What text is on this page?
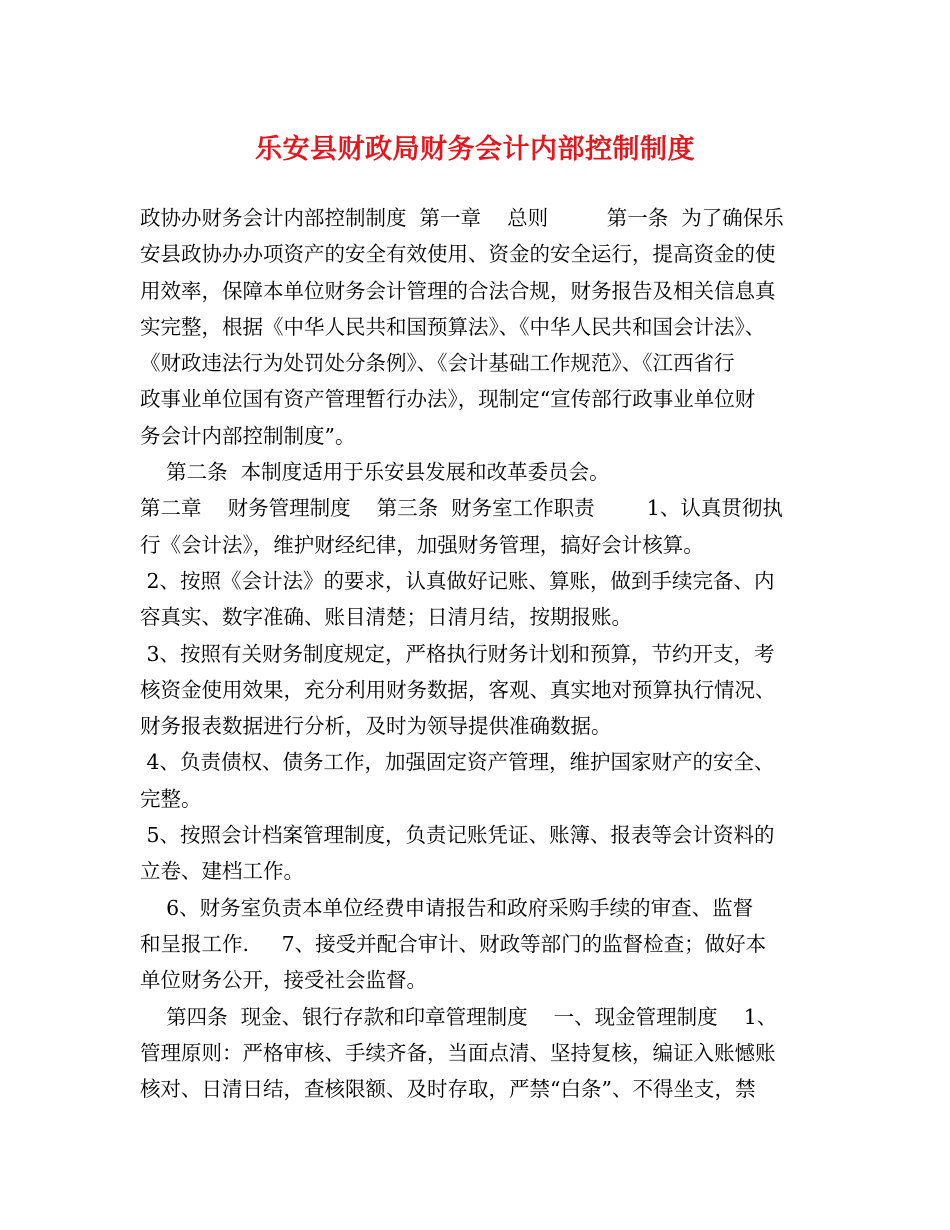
乐安县财政局财务会计内部控制制度
政协办财务会计内部控制制度  第一章    总则         第一条  为了确保乐
安县政协办办项资产的安全有效使用、资金的安全运行，提高资金的使
用效率，保障本单位财务会计管理的合法合规，财务报告及相关信息真
实完整，根据《中华人民共和国预算法》、《中华人民共和国会计法》、
《财政违法行为处罚处分条例》、《会计基础工作规范》、《江西省行
政事业单位国有资产管理暂行办法》，现制定“宣传部行政事业单位财
务会计内部控制制度”。
第二条  本制度适用于乐安县发展和改革委员会。
第二章    财务管理制度    第三条  财务室工作职责        1、认真贯彻执
行《会计法》，维护财经纪律，加强财务管理，搞好会计核算。
2、按照《会计法》的要求，认真做好记账、算账，做到手续完备、内
容真实、数字准确、账目清楚；日清月结，按期报账。
3、按照有关财务制度规定，严格执行财务计划和预算，节约开支，考
核资金使用效果，充分利用财务数据，客观、真实地对预算执行情况、
财务报表数据进行分析，及时为领导提供准确数据。
4、负责债权、债务工作，加强固定资产管理，维护国家财产的安全、
完整。
5、按照会计档案管理制度，负责记账凭证、账簿、报表等会计资料的
立卷、建档工作。
6、财务室负责本单位经费申请报告和政府采购手续的审查、监督
和呈报工作.     7、接受并配合审计、财政等部门的监督检查；做好本
单位财务公开，接受社会监督。
第四条  现金、银行存款和印章管理制度    一、现金管理制度    1、
管理原则：严格审核、手续齐备，当面点清、坚持复核，编证入账憾账
核对、日清日结，查核限额、及时存取，严禁“白条”、不得坐支，禁
